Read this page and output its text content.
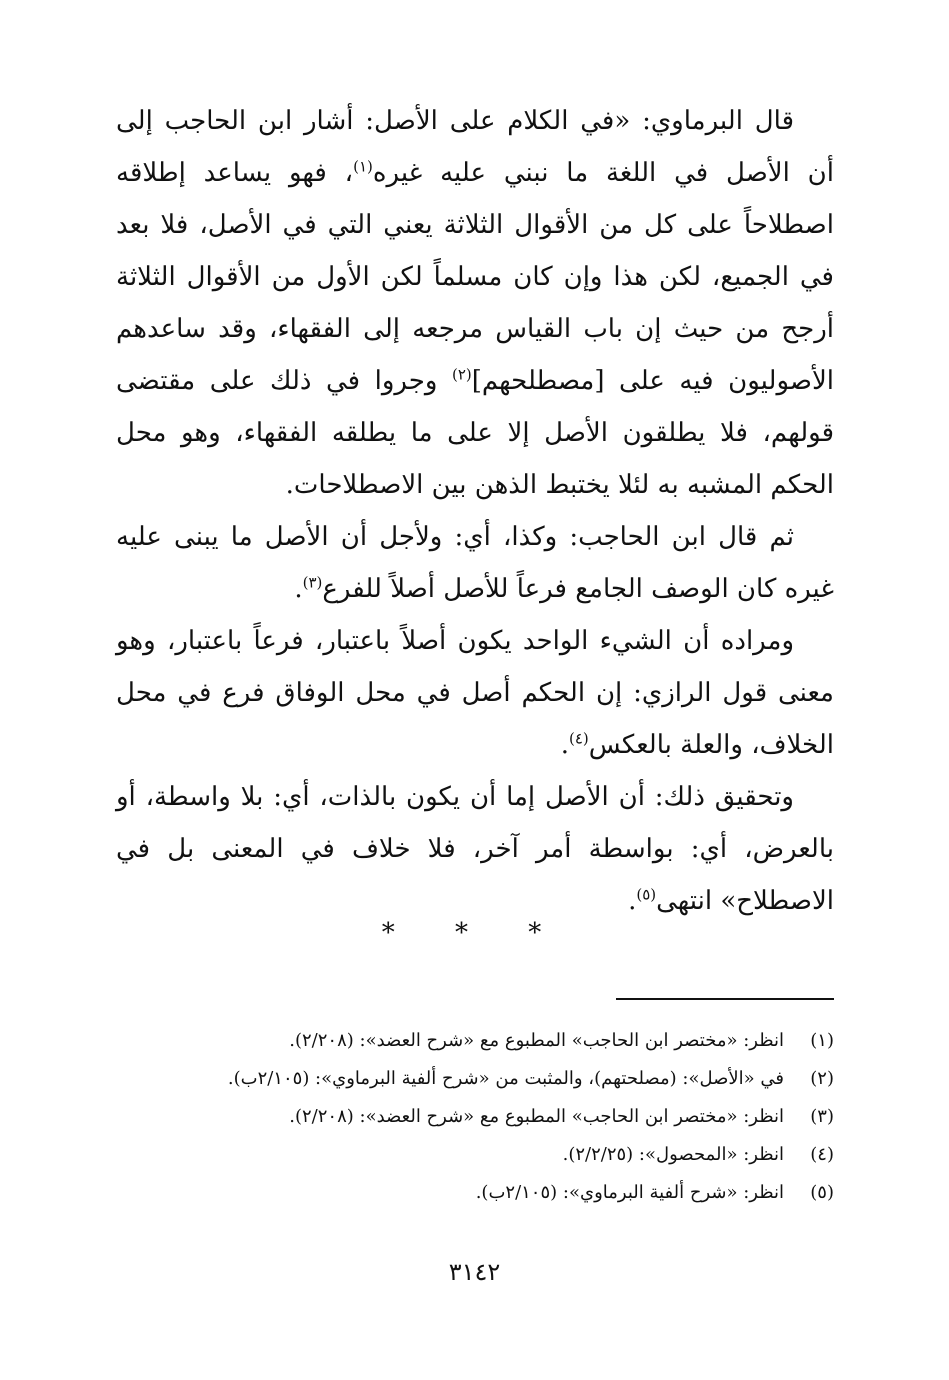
قال البرماوي: «في الكلام على الأصل: أشار ابن الحاجب إلى أن الأصل في اللغة ما نبني عليه غيره$^{(١)}$، فهو يساعد إطلاقه اصطلاحاً على كل من الأقوال الثلاثة يعني التي في الأصل، فلا بعد في الجميع، لكن هذا وإن كان مسلماً لكن الأول من الأقوال الثلاثة أرجح من حيث إن باب القياس مرجعه إلى الفقهاء، وقد ساعدهم الأصوليون فيه على [مصطلحهم]$^{(٢)}$ وجروا في ذلك على مقتضى قولهم، فلا يطلقون الأصل إلا على ما يطلقه الفقهاء، وهو محل الحكم المشبه به لئلا يختبط الذهن بين الاصطلاحات.

ثم قال ابن الحاجب: وكذا، أي: ولأجل أن الأصل ما يبنى عليه غيره كان الوصف الجامع فرعاً للأصل أصلاً للفرع$^{(٣)}$.

ومراده أن الشيء الواحد يكون أصلاً باعتبار، فرعاً باعتبار، وهو معنى قول الرازي: إن الحكم أصل في محل الوفاق فرع في محل الخلاف، والعلة بالعكس$^{(٤)}$.

وتحقيق ذلك: أن الأصل إما أن يكون بالذات، أي: بلا واسطة، أو بالعرض، أي: بواسطة أمر آخر، فلا خلاف في المعنى بل في الاصطلاح» انتهى$^{(٥)}$.

* * *
(١)
انظر: «مختصر ابن الحاجب» المطبوع مع «شرح العضد»: (٢/٢٠٨).
(٢)
في «الأصل»: (مصلحتهم)، والمثبت من «شرح ألفية البرماوي»: (٢/١٠٥ب).
(٣)
انظر: «مختصر ابن الحاجب» المطبوع مع «شرح العضد»: (٢/٢٠٨).
(٤)
انظر: «المحصول»: (٢/٢/٢٥).
(٥)
انظر: «شرح ألفية البرماوي»: (٢/١٠٥ب).
٣١٤٢
